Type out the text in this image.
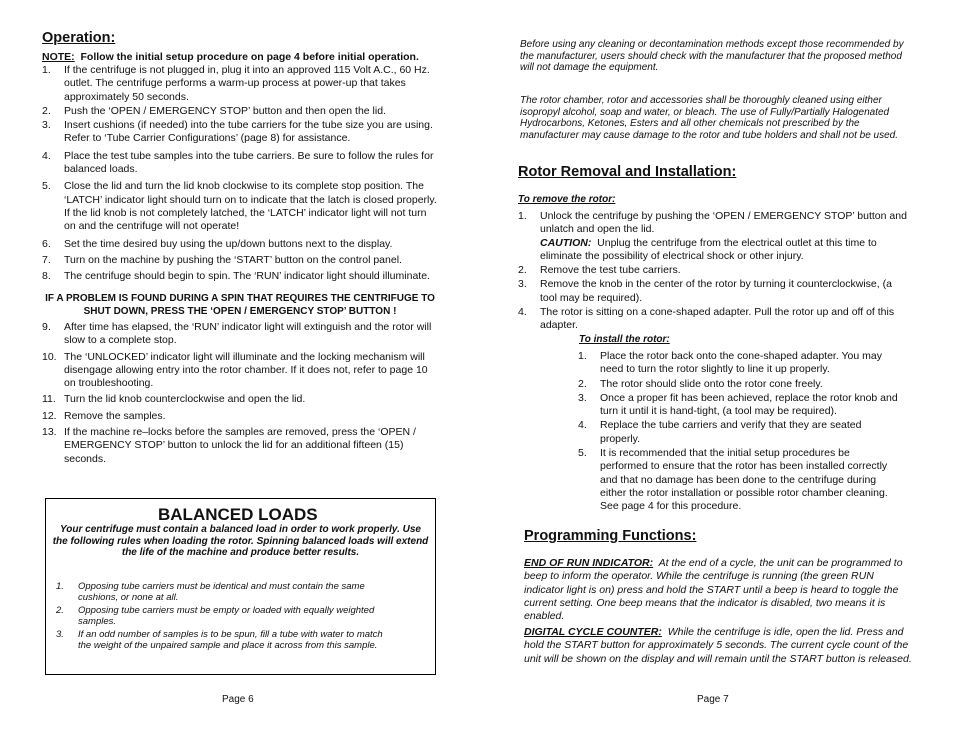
Operation:
NOTE: Follow the initial setup procedure on page 4 before initial operation.
1. If the centrifuge is not plugged in, plug it into an approved 115 Volt A.C., 60 Hz. outlet. The centrifuge performs a warm-up process at power-up that takes approximately 50 seconds.
2. Push the ‘OPEN / EMERGENCY STOP’ button and then open the lid.
3. Insert cushions (if needed) into the tube carriers for the tube size you are using. Refer to ‘Tube Carrier Configurations’ (page 8) for assistance.
4. Place the test tube samples into the tube carriers. Be sure to follow the rules for balanced loads.
5. Close the lid and turn the lid knob clockwise to its complete stop position. The ‘LATCH’ indicator light should turn on to indicate that the latch is closed properly. If the lid knob is not completely latched, the ‘LATCH’ indicator light will not turn on and the centrifuge will not operate!
6. Set the time desired buy using the up/down buttons next to the display.
7. Turn on the machine by pushing the ‘START’ button on the control panel.
8. The centrifuge should begin to spin. The ‘RUN’ indicator light should illuminate.
IF A PROBLEM IS FOUND DURING A SPIN THAT REQUIRES THE CENTRIFUGE TO SHUT DOWN, PRESS THE ‘OPEN / EMERGENCY STOP’ BUTTON !
9. After time has elapsed, the ‘RUN’ indicator light will extinguish and the rotor will slow to a complete stop.
10. The ‘UNLOCKED’ indicator light will illuminate and the locking mechanism will disengage allowing entry into the rotor chamber. If it does not, refer to page 10 on troubleshooting.
11. Turn the lid knob counterclockwise and open the lid.
12. Remove the samples.
13. If the machine re–locks before the samples are removed, press the ‘OPEN / EMERGENCY STOP’ button to unlock the lid for an additional fifteen (15) seconds.
BALANCED LOADS
Your centrifuge must contain a balanced load in order to work properly. Use the following rules when loading the rotor. Spinning balanced loads will extend the life of the machine and produce better results.
1. Opposing tube carriers must be identical and must contain the same cushions, or none at all.
2. Opposing tube carriers must be empty or loaded with equally weighted samples.
3. If an odd number of samples is to be spun, fill a tube with water to match the weight of the unpaired sample and place it across from this sample.
Page 6
Before using any cleaning or decontamination methods except those recommended by the manufacturer, users should check with the manufacturer that the proposed method will not damage the equipment.
The rotor chamber, rotor and accessories shall be thoroughly cleaned using either isopropyl alcohol, soap and water, or bleach. The use of Fully/Partially Halogenated Hydrocarbons, Ketones, Esters and all other chemicals not prescribed by the manufacturer may cause damage to the rotor and tube holders and shall not be used.
Rotor Removal and Installation:
To remove the rotor:
1. Unlock the centrifuge by pushing the ‘OPEN / EMERGENCY STOP’ button and unlatch and open the lid.
CAUTION: Unplug the centrifuge from the electrical outlet at this time to eliminate the possibility of electrical shock or other injury.
2. Remove the test tube carriers.
3. Remove the knob in the center of the rotor by turning it counterclockwise, (a tool may be required).
4. The rotor is sitting on a cone-shaped adapter. Pull the rotor up and off of this adapter.
To install the rotor:
1. Place the rotor back onto the cone-shaped adapter. You may need to turn the rotor slightly to line it up properly.
2. The rotor should slide onto the rotor cone freely.
3. Once a proper fit has been achieved, replace the rotor knob and turn it until it is hand-tight, (a tool may be required).
4. Replace the tube carriers and verify that they are seated properly.
5. It is recommended that the initial setup procedures be performed to ensure that the rotor has been installed correctly and that no damage has been done to the centrifuge during either the rotor installation or possible rotor chamber cleaning. See page 4 for this procedure.
Programming Functions:
END OF RUN INDICATOR: At the end of a cycle, the unit can be programmed to beep to inform the operator. While the centrifuge is running (the green RUN indicator light is on) press and hold the START until a beep is heard to toggle the current setting. One beep means that the indicator is disabled, two means it is enabled.
DIGITAL CYCLE COUNTER: While the centrifuge is idle, open the lid. Press and hold the START button for approximately 5 seconds. The current cycle count of the unit will be shown on the display and will remain until the START button is released.
Page 7
